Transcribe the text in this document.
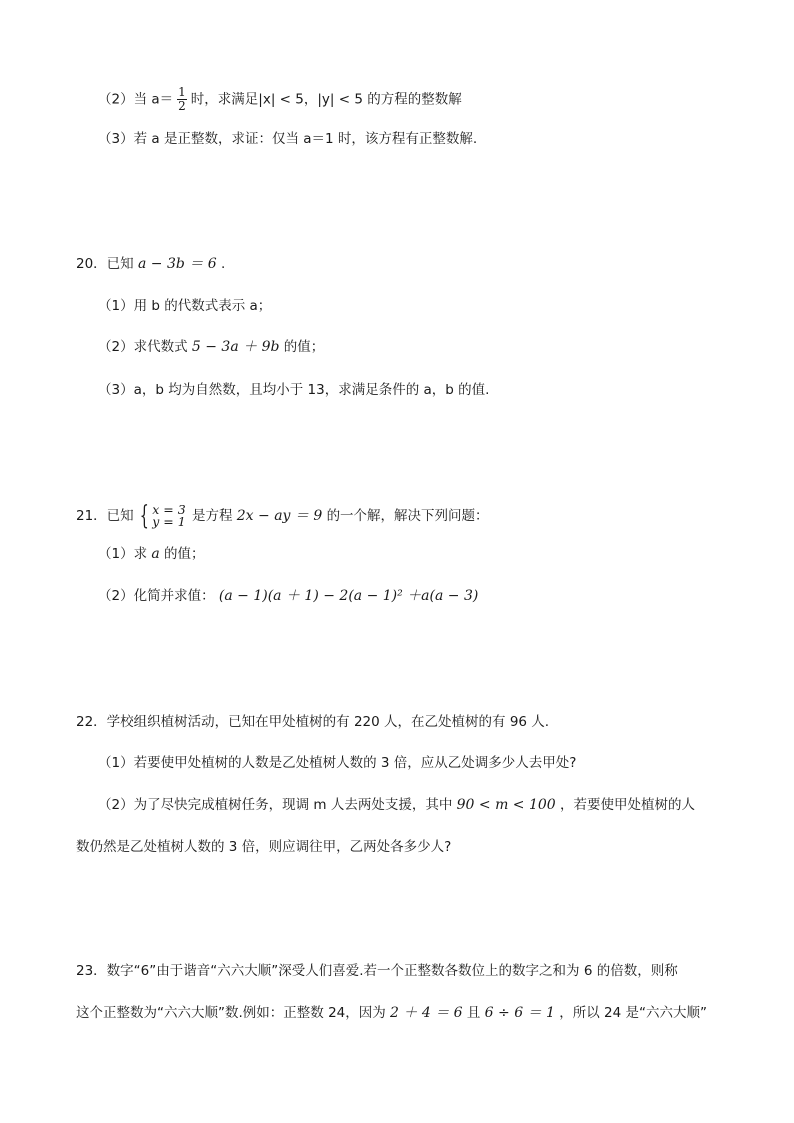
（2）当 $a= \frac{1}{2}$ 时，求满足|x| < 5，|y| < 5 的方程的整数解
（3）若 a 是正整数，求证：仅当 a＝1 时，该方程有正整数解.
20．已知 a − 3b ＝ 6 .
（1）用 b 的代数式表示 a；
（2）求代数式 5 − 3a ＋ 9b 的值；
（3）a，b 均为自然数，且均小于 13，求满足条件的 a，b 的值.
21．已知 { x = 3
y = 1 是方程 2x − ay ＝ 9 的一个解，解决下列问题：
（1）求 a 的值；
（2）化简并求值： (a − 1)(a ＋ 1) − 2(a − 1)² ＋a(a − 3)
22．学校组织植树活动，已知在甲处植树的有 220 人，在乙处植树的有 96 人.
（1）若要使甲处植树的人数是乙处植树人数的 3 倍，应从乙处调多少人去甲处?
（2）为了尽快完成植树任务，现调 m 人去两处支援，其中 90 < m < 100 ，若要使甲处植树的人
数仍然是乙处植树人数的 3 倍，则应调往甲，乙两处各多少人?
23．数字“6”由于谐音“六六大顺”深受人们喜爱.若一个正整数各数位上的数字之和为 6 的倍数，则称
这个正整数为“六六大顺”数.例如：正整数 24，因为 2 ＋ 4 ＝ 6 且 6 ÷ 6 ＝ 1 ，所以 24 是“六六大顺”
